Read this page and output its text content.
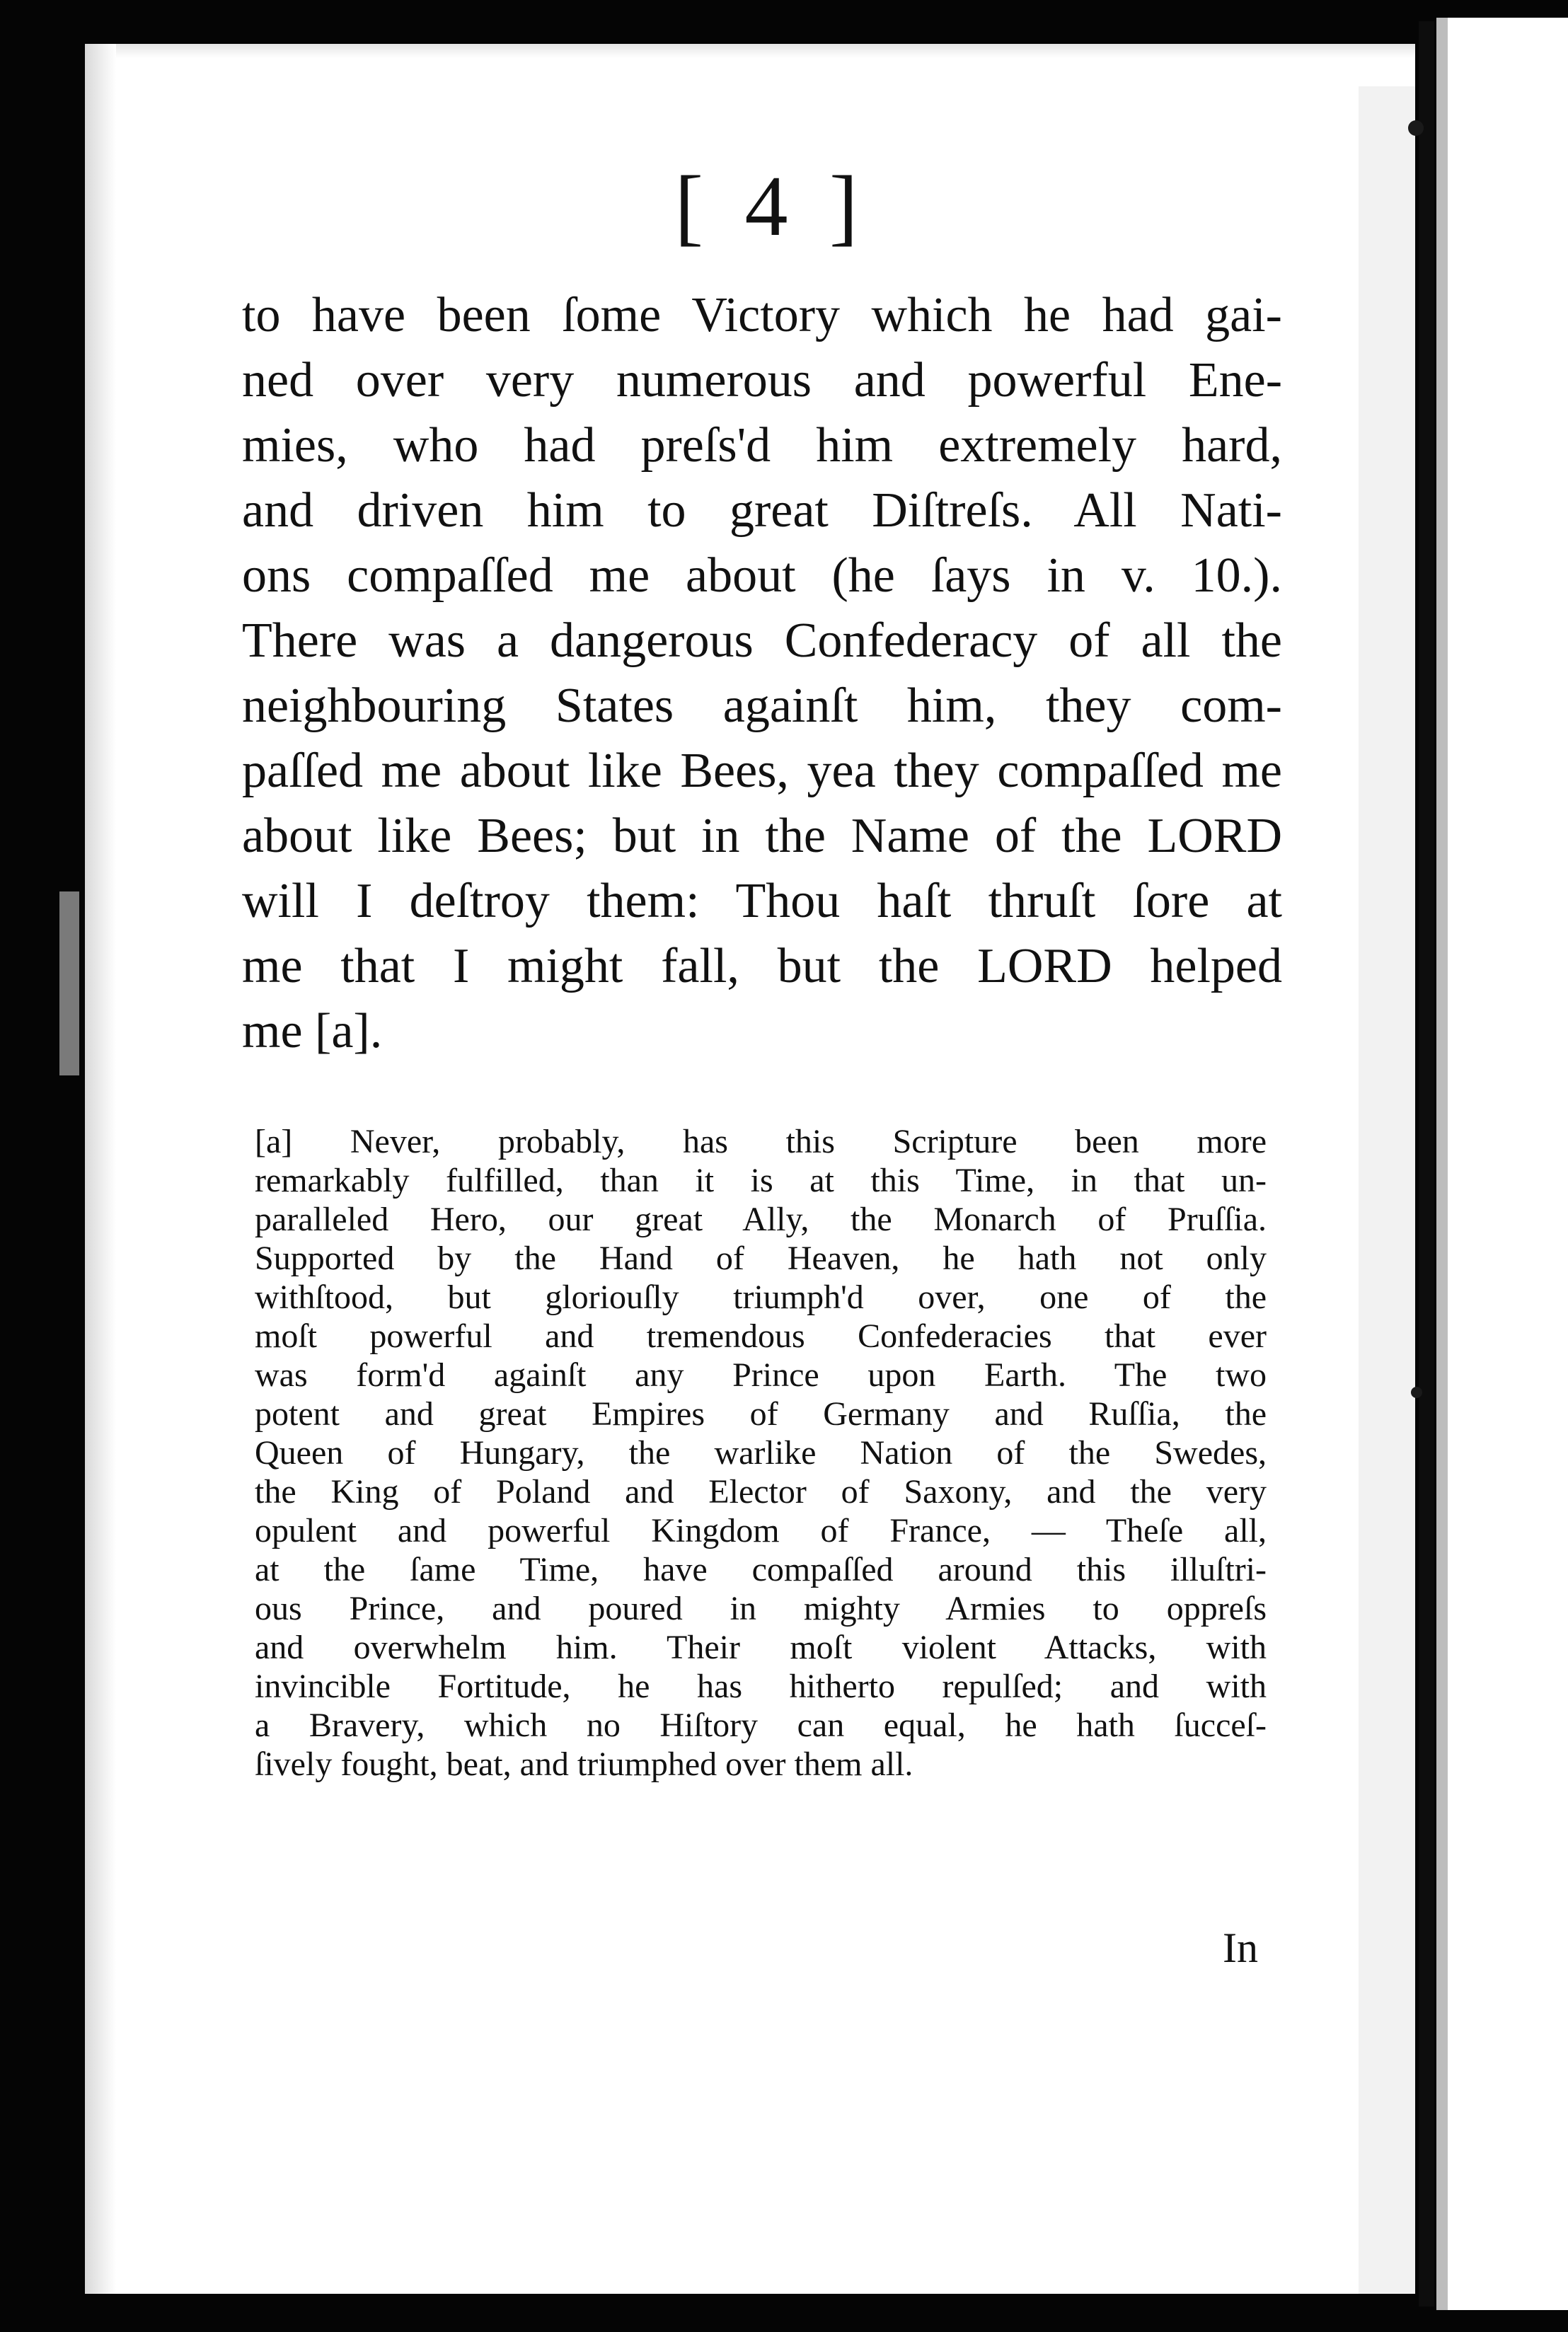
[ 4 ]
to have been ſome Victory which he had gai-
ned over very numerous and powerful Ene-
mies, who had preſs'd him extremely hard,
and driven him to great Diſtreſs. All Nati-
ons compaſſed me about (he ſays in v. 10.).
There was a dangerous Confederacy of all the
neighbouring States againſt him, they com-
paſſed me about like Bees, yea they compaſſed me
about like Bees; but in the Name of the LORD
will I deſtroy them: Thou haſt thruſt ſore at
me that I might fall, but the LORD helped
me [a].
[a] Never, probably, has this Scripture been more
remarkably fulfilled, than it is at this Time, in that un-
paralleled Hero, our great Ally, the Monarch of Pruſſia.
Supported by the Hand of Heaven, he hath not only
withſtood, but gloriouſly triumph'd over, one of the
moſt powerful and tremendous Confederacies that ever
was form'd againſt any Prince upon Earth. The two
potent and great Empires of Germany and Ruſſia, the
Queen of Hungary, the warlike Nation of the Swedes,
the King of Poland and Elector of Saxony, and the very
opulent and powerful Kingdom of France, — Theſe all,
at the ſame Time, have compaſſed around this illuſtri-
ous Prince, and poured in mighty Armies to oppreſs
and overwhelm him. Their moſt violent Attacks, with
invincible Fortitude, he has hitherto repulſed; and with
a Bravery, which no Hiſtory can equal, he hath ſucceſ-
ſively fought, beat, and triumphed over them all.
In
